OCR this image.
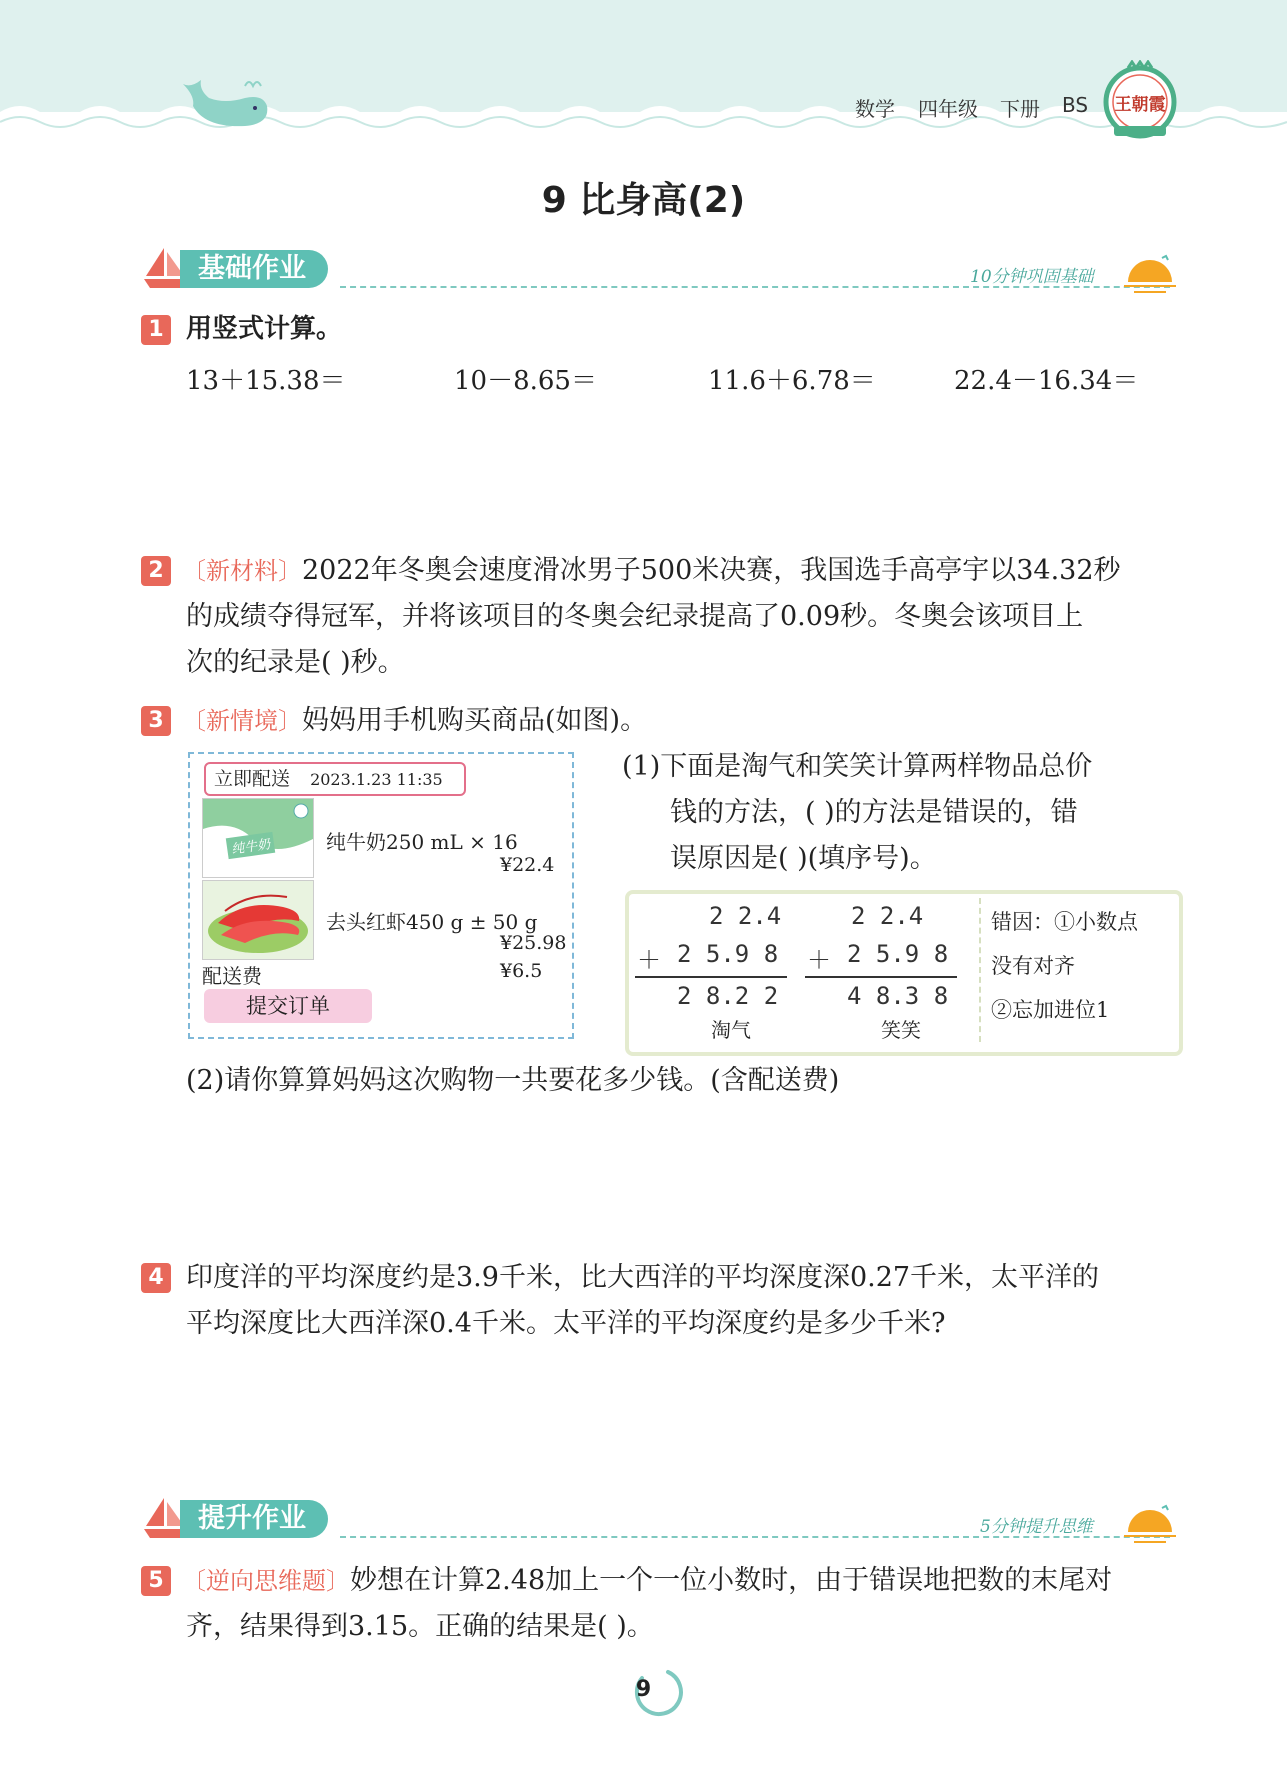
数学 四年级 下册 BS 王朝霞
9 比身高(2)
基础作业	10分钟巩固基础
1 用竖式计算。
13＋15.38＝	10－8.65＝	11.6＋6.78＝	22.4－16.34＝
2 〔新材料〕2022年冬奥会速度滑冰男子500米决赛，我国选手高亭宇以34.32秒
的成绩夺得冠军，并将该项目的冬奥会纪录提高了0.09秒。冬奥会该项目上
次的纪录是( )秒。
3 〔新情境〕妈妈用手机购买商品(如图)。
立即配送 2023.1.23 11:35
纯牛奶	纯牛奶250 mL × 16
¥22.4
去头红虾450 g ± 50 g
¥25.98
配送费	¥6.5
提交订单
(1)下面是淘气和笑笑计算两样物品总价
钱的方法，( )的方法是错误的，错
误原因是( )(填序号)。
2 2.4
＋ 2 5.9 8
2 8.2 2
淘气
2 2.4
＋ 2 5.9 8
4 8.3 8
笑笑
错因：①小数点
没有对齐
②忘加进位1
(2)请你算算妈妈这次购物一共要花多少钱。(含配送费)
4 印度洋的平均深度约是3.9千米，比大西洋的平均深度深0.27千米，太平洋的
平均深度比大西洋深0.4千米。太平洋的平均深度约是多少千米?
提升作业	5分钟提升思维
5 〔逆向思维题〕妙想在计算2.48加上一个一位小数时，由于错误地把数的末尾对
齐，结果得到3.15。正确的结果是( )。
9
